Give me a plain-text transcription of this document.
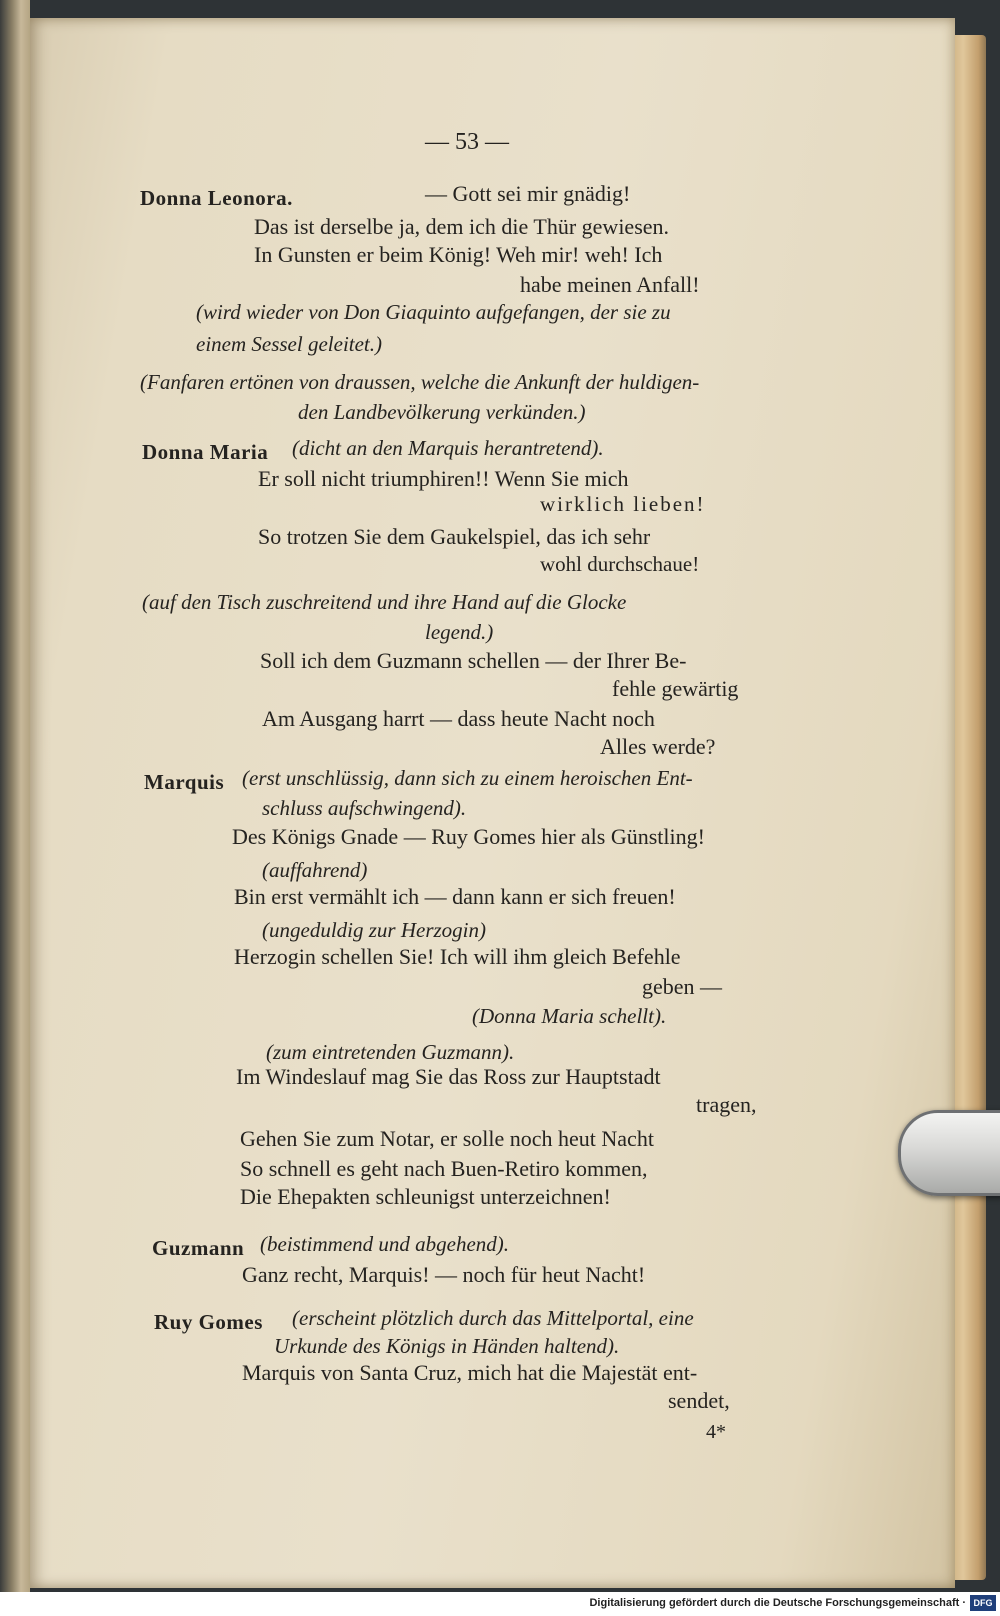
— 53 —
Donna Leonora.	— Gott sei mir gnädig!
Das ist derselbe ja, dem ich die Thür gewiesen.
In Gunsten er beim König! Weh mir! weh! Ich
habe meinen Anfall!
(wird wieder von Don Giaquinto aufgefangen, der sie zu
einem Sessel geleitet.)
(Fanfaren ertönen von draussen, welche die Ankunft der huldigen-
den Landbevölkerung verkünden.)
Donna Maria (dicht an den Marquis herantretend).
Er soll nicht triumphiren!! Wenn Sie mich
wirklich lieben!
So trotzen Sie dem Gaukelspiel, das ich sehr
wohl durchschaue!
(auf den Tisch zuschreitend und ihre Hand auf die Glocke
legend.)
Soll ich dem Guzmann schellen — der Ihrer Be-
fehle gewärtig
Am Ausgang harrt — dass heute Nacht noch
Alles werde?
Marquis (erst unschlüssig, dann sich zu einem heroischen Ent-
schluss aufschwingend).
Des Königs Gnade — Ruy Gomes hier als Günstling!
(auffahrend)
Bin erst vermählt ich — dann kann er sich freuen!
(ungeduldig zur Herzogin)
Herzogin schellen Sie! Ich will ihm gleich Befehle
geben —
(Donna Maria schellt).
(zum eintretenden Guzmann).
Im Windeslauf mag Sie das Ross zur Hauptstadt
tragen,
Gehen Sie zum Notar, er solle noch heut Nacht
So schnell es geht nach Buen-Retiro kommen,
Die Ehepakten schleunigst unterzeichnen!
Guzmann (beistimmend und abgehend).
Ganz recht, Marquis! — noch für heut Nacht!
Ruy Gomes (erscheint plötzlich durch das Mittelportal, eine
Urkunde des Königs in Händen haltend).
Marquis von Santa Cruz, mich hat die Majestät ent-
sendet,
4*
Digitalisierung gefördert durch die Deutsche Forschungsgemeinschaft · DFG
